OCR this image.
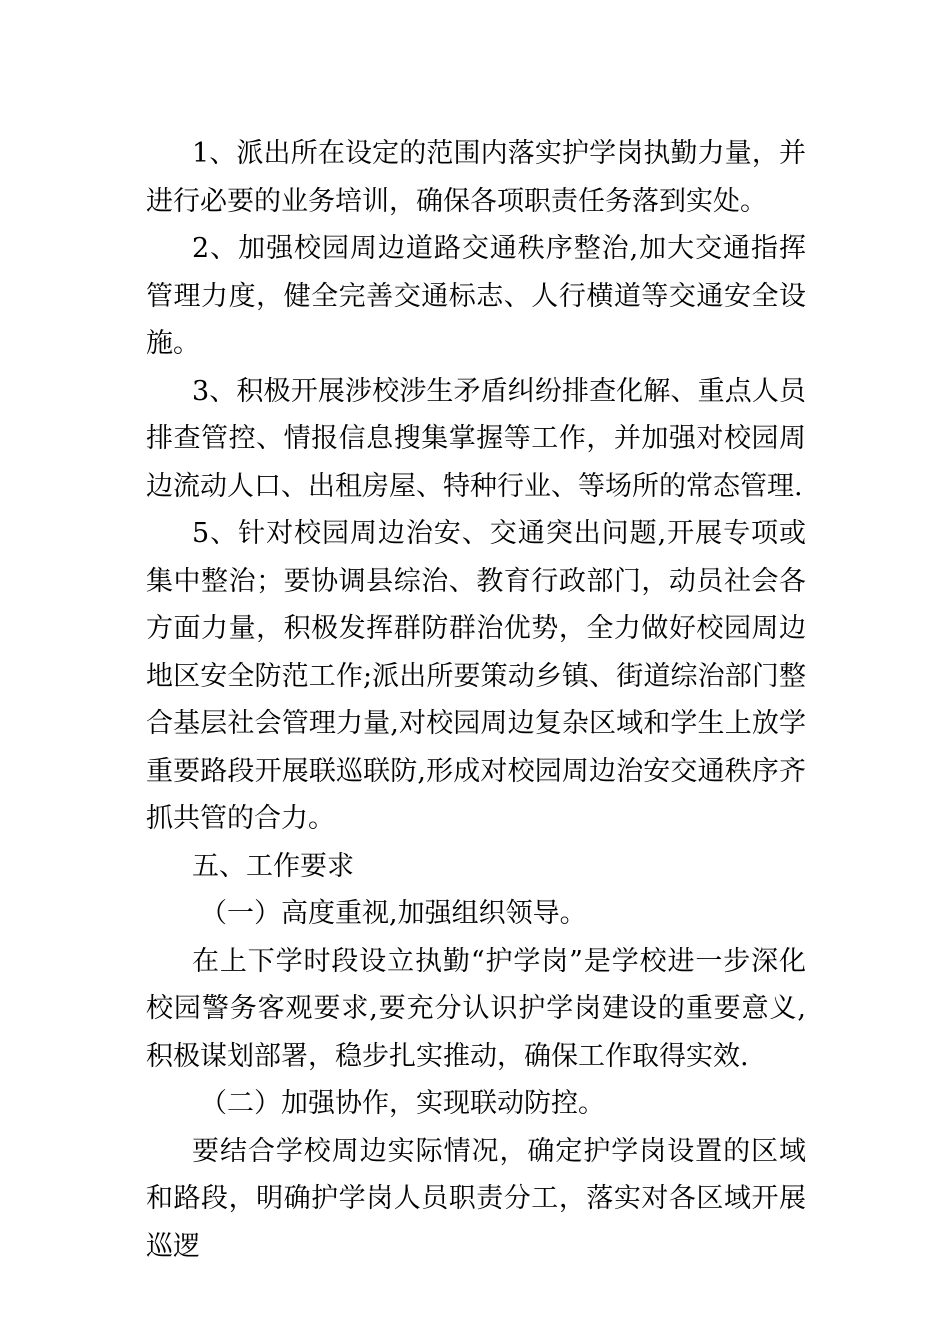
1、派出所在设定的范围内落实护学岗执勤力量，并进行必要的业务培训，确保各项职责任务落到实处。

2、加强校园周边道路交通秩序整治,加大交通指挥管理力度，健全完善交通标志、人行横道等交通安全设施。

3、积极开展涉校涉生矛盾纠纷排查化解、重点人员排查管控、情报信息搜集掌握等工作，并加强对校园周边流动人口、出租房屋、特种行业、等场所的常态管理.

5、针对校园周边治安、交通突出问题,开展专项或集中整治；要协调县综治、教育行政部门，动员社会各方面力量，积极发挥群防群治优势，全力做好校园周边地区安全防范工作;派出所要策动乡镇、街道综治部门整合基层社会管理力量,对校园周边复杂区域和学生上放学重要路段开展联巡联防,形成对校园周边治安交通秩序齐抓共管的合力。

五、工作要求

（一）高度重视,加强组织领导。

在上下学时段设立执勤“护学岗”是学校进一步深化校园警务客观要求,要充分认识护学岗建设的重要意义,积极谋划部署，稳步扎实推动，确保工作取得实效.

（二）加强协作，实现联动防控。

要结合学校周边实际情况，确定护学岗设置的区域和路段，明确护学岗人员职责分工，落实对各区域开展巡逻
